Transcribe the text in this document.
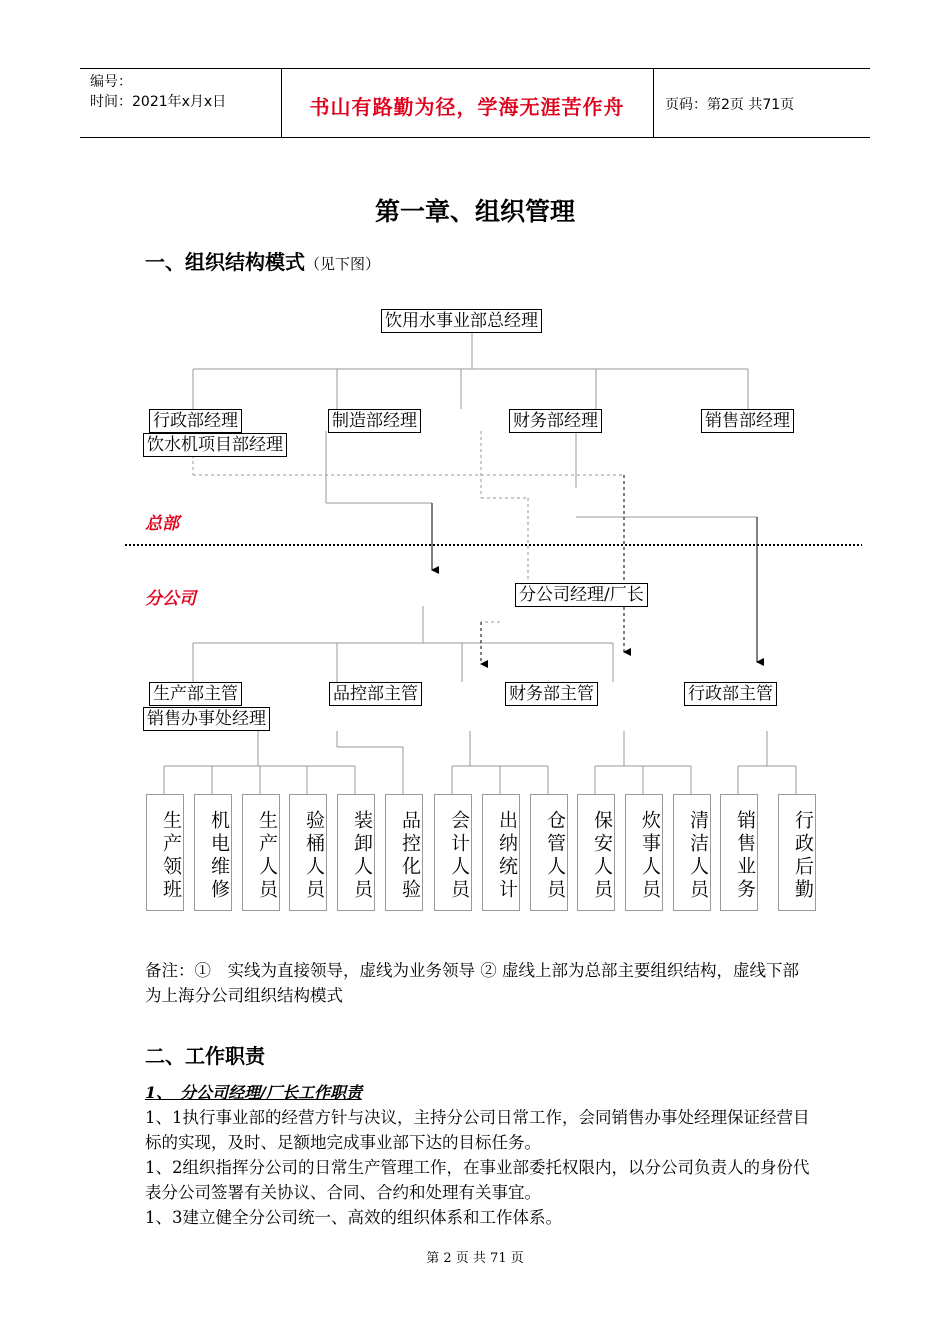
编号：
时间：2021年x月x日	书山有路勤为径，学海无涯苦作舟	页码：第2页 共71页
第一章、组织管理
一、组织结构模式（见下图）
饮用水事业部总经理
行政部经理	制造部经理	财务部经理	销售部经理
饮水机项目部经理
总部
分公司	分公司经理/厂长
生产部主管	品控部主管	财务部主管	行政部主管
销售办事处经理
生产领班	机电维修	生产人员	验桶人员	装卸人员	品控化验	会计人员	出纳统计	仓管人员	保安人员	炊事人员	清洁人员	销售业务	行政后勤
备注：①　实线为直接领导，虚线为业务领导 ② 虚线上部为总部主要组织结构，虚线下部为上海分公司组织结构模式
二、工作职责
1、　分公司经理/厂长工作职责
1、1执行事业部的经营方针与决议，主持分公司日常工作，会同销售办事处经理保证经营目标的实现，及时、足额地完成事业部下达的目标任务。
1、2组织指挥分公司的日常生产管理工作，在事业部委托权限内，以分公司负责人的身份代表分公司签署有关协议、合同、合约和处理有关事宜。
1、3建立健全分公司统一、高效的组织体系和工作体系。
第 2 页 共 71 页
